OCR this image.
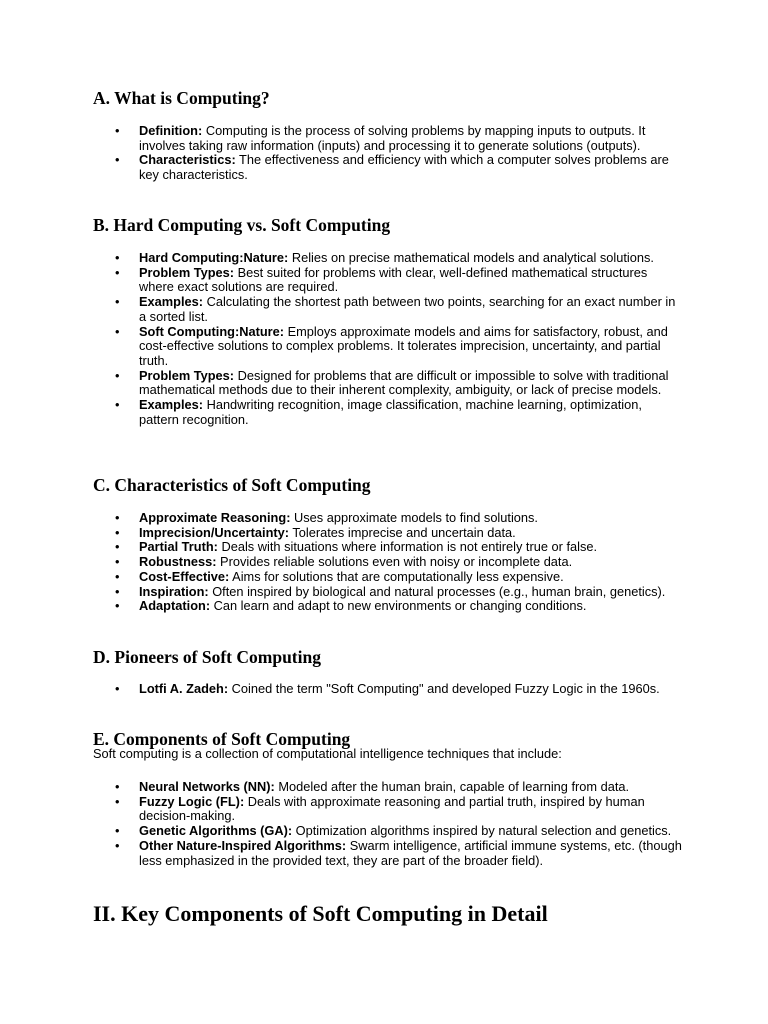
A. What is Computing?
• Definition: Computing is the process of solving problems by mapping inputs to outputs. It involves taking raw information (inputs) and processing it to generate solutions (outputs).
• Characteristics: The effectiveness and efficiency with which a computer solves problems are key characteristics.
B. Hard Computing vs. Soft Computing
• Hard Computing:Nature: Relies on precise mathematical models and analytical solutions.
• Problem Types: Best suited for problems with clear, well-defined mathematical structures where exact solutions are required.
• Examples: Calculating the shortest path between two points, searching for an exact number in a sorted list.
• Soft Computing:Nature: Employs approximate models and aims for satisfactory, robust, and cost-effective solutions to complex problems. It tolerates imprecision, uncertainty, and partial truth.
• Problem Types: Designed for problems that are difficult or impossible to solve with traditional mathematical methods due to their inherent complexity, ambiguity, or lack of precise models.
• Examples: Handwriting recognition, image classification, machine learning, optimization, pattern recognition.
C. Characteristics of Soft Computing
• Approximate Reasoning: Uses approximate models to find solutions.
• Imprecision/Uncertainty: Tolerates imprecise and uncertain data.
• Partial Truth: Deals with situations where information is not entirely true or false.
• Robustness: Provides reliable solutions even with noisy or incomplete data.
• Cost-Effective: Aims for solutions that are computationally less expensive.
• Inspiration: Often inspired by biological and natural processes (e.g., human brain, genetics).
• Adaptation: Can learn and adapt to new environments or changing conditions.
D. Pioneers of Soft Computing
• Lotfi A. Zadeh: Coined the term "Soft Computing" and developed Fuzzy Logic in the 1960s.
E. Components of Soft Computing

Soft computing is a collection of computational intelligence techniques that include:

• Neural Networks (NN): Modeled after the human brain, capable of learning from data.
• Fuzzy Logic (FL): Deals with approximate reasoning and partial truth, inspired by human decision-making.
• Genetic Algorithms (GA): Optimization algorithms inspired by natural selection and genetics.
• Other Nature-Inspired Algorithms: Swarm intelligence, artificial immune systems, etc. (though less emphasized in the provided text, they are part of the broader field).
II. Key Components of Soft Computing in Detail
